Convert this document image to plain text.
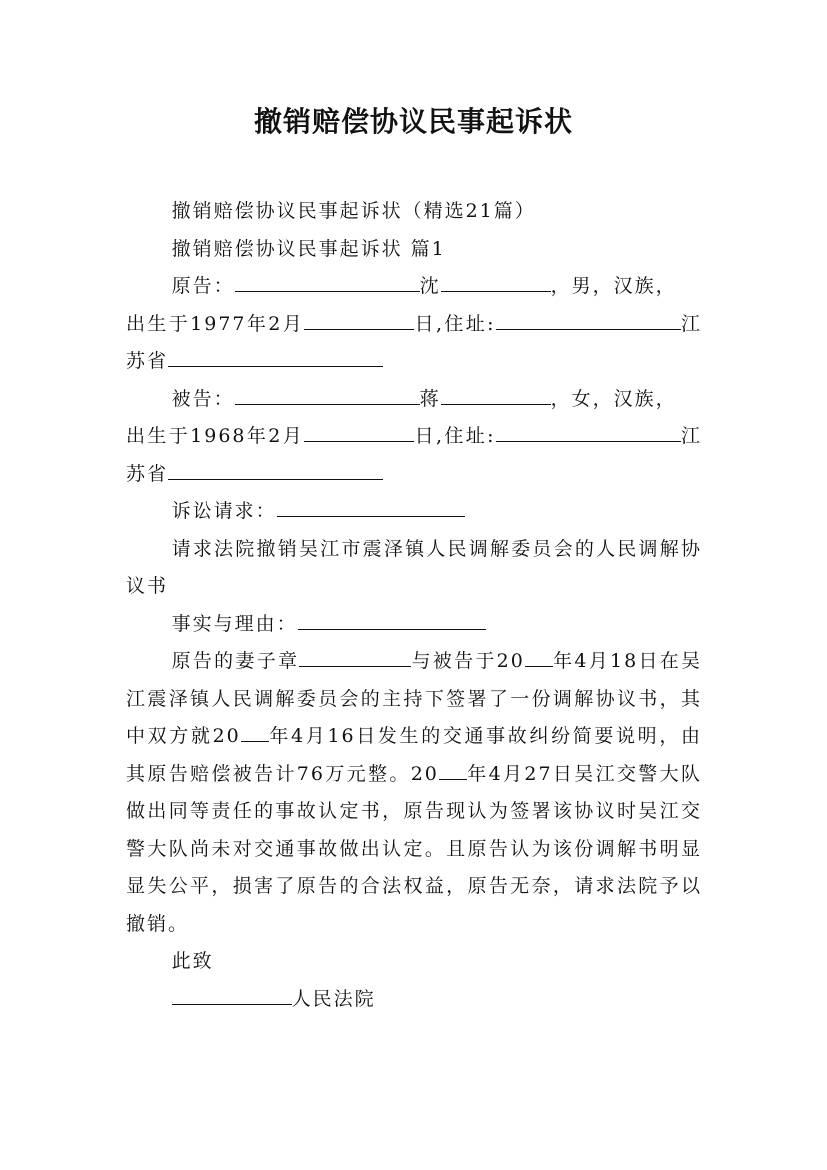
撤销赔偿协议民事起诉状

撤销赔偿协议民事起诉状（精选21篇）

撤销赔偿协议民事起诉状 篇1

原告：	沈	，男，汉族，

出生于1977年2月	日,住址:	江苏省

被告：	蒋	，女，汉族，

出生于1968年2月	日,住址:	江苏省

诉讼请求：

请求法院撤销吴江市震泽镇人民调解委员会的人民调解协议书

事实与理由：

原告的妻子章	与被告于20 年4月18日在吴江震泽镇人民调解委员会的主持下签署了一份调解协议书，其中双方就20 年4月16日发生的交通事故纠纷简要说明，由其原告赔偿被告计76万元整。20 年4月27日吴江交警大队做出同等责任的事故认定书，原告现认为签署该协议时吴江交警大队尚未对交通事故做出认定。且原告认为该份调解书明显显失公平，损害了原告的合法权益，原告无奈，请求法院予以撤销。

此致

人民法院
